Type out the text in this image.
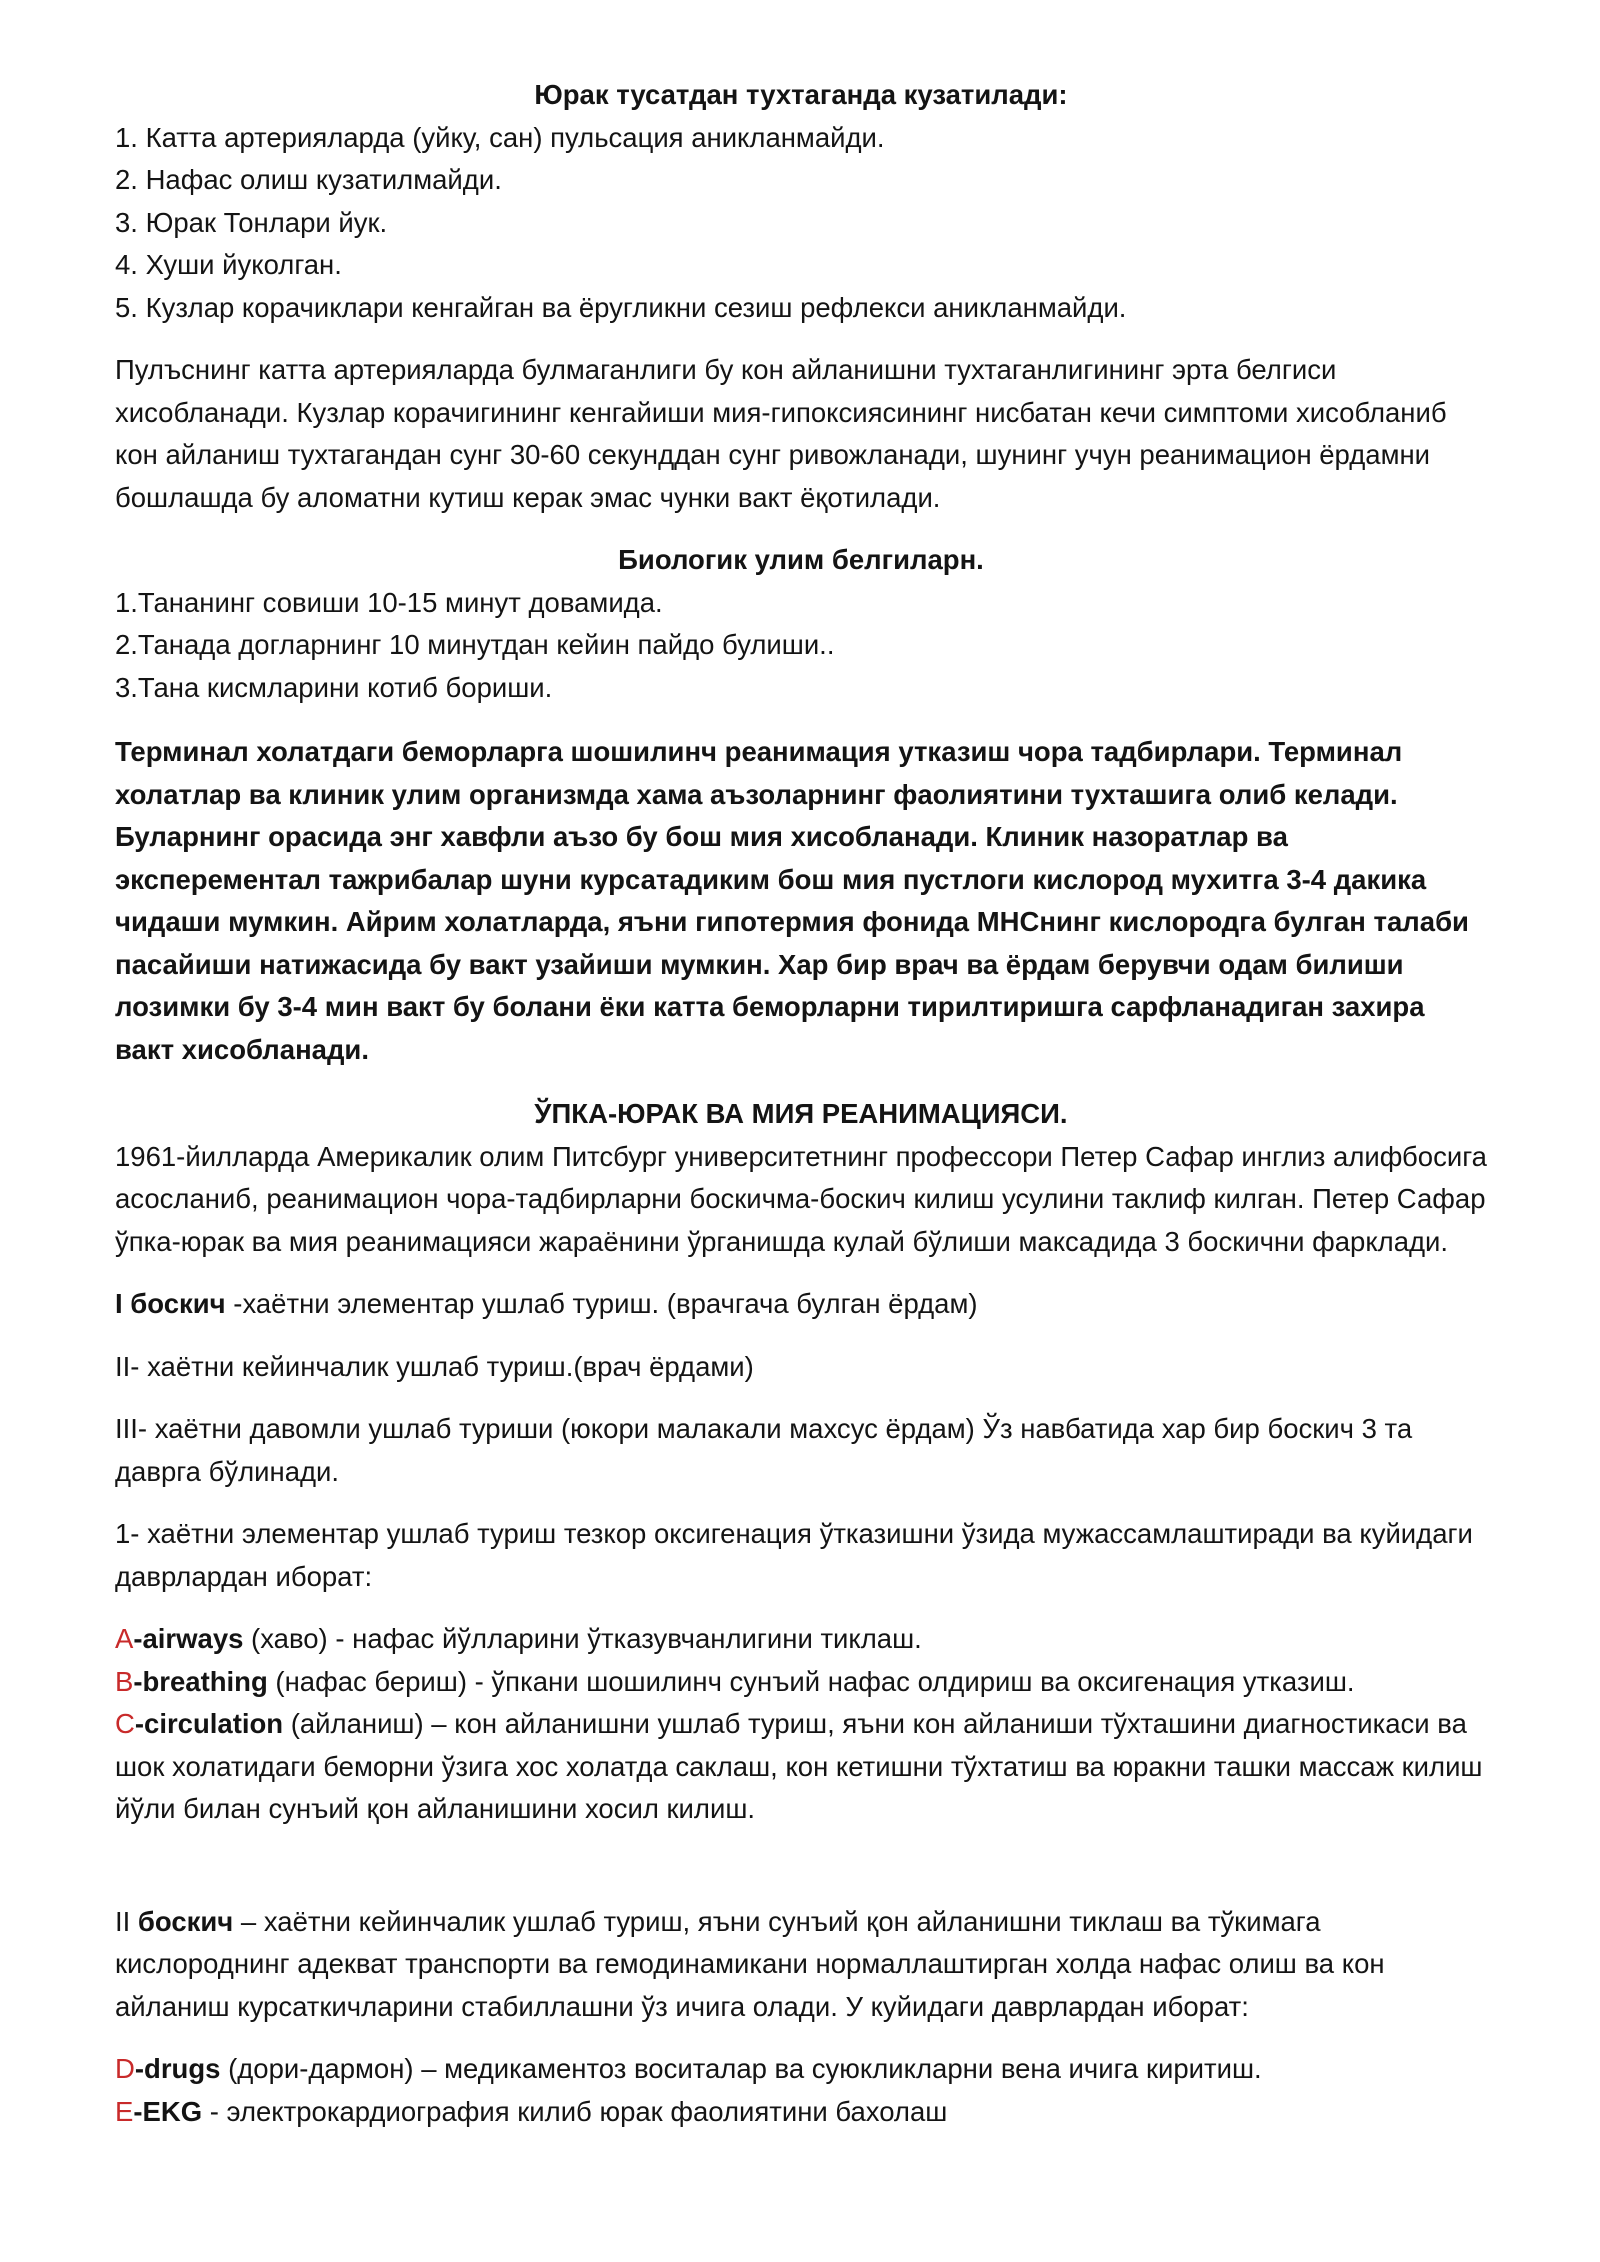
Юрак тусатдан тухтаганда кузатилади:

1. Катта артерияларда (уйку, сан) пульсация аникланмайди.

2. Нафас олиш кузатилмайди.

3. Юрак Тонлари йук.

4. Хуши йуколган.

5. Кузлар корачиклари кенгайган ва ёругликни сезиш рефлекси аникланмайди.

Пулъснинг катта артерияларда булмаганлиги бу кон айланишни тухтаганлигининг эрта белгиси хисобланади. Кузлар корачигининг кенгайиши мия-гипоксиясининг нисбатан кечи симптоми хисобланиб кон айланиш тухтагандан сунг 30-60 секунддан сунг ривожланади, шунинг учун реанимацион ёрдамни бошлашда бу аломатни кутиш керак эмас чунки вакт ёқотилади.

Биологик улим белгиларн.

1.Тананинг совиши 10-15 минут довамида.

2.Танада догларнинг 10 минутдан кейин пайдо булиши..

3.Тана кисмларини котиб бориши.

Терминал холатдаги беморларга шошилинч реанимация утказиш чора тадбирлари. Терминал холатлар ва клиник улим организмда хама аъзоларнинг фаолиятини тухташига олиб келади. Буларнинг орасида энг хавфли аъзо бу бош мия хисобланади. Клиник назоратлар ва эксперементал тажрибалар шуни курсатадиким бош мия пустлоги кислород мухитга 3-4 дакика чидаши мумкин. Айрим холатларда, яъни гипотермия фонида МНСнинг кислородга булган талаби пасайиши натижасида бу вакт узайиши мумкин. Хар бир врач ва ёрдам берувчи одам билиши лозимки бу 3-4 мин вакт бу болани ёки катта беморларни тирилтиришга сарфланадиган захира вакт хисобланади.

ЎПКА-ЮРАК ВА МИЯ РЕАНИМАЦИЯСИ.

1961-йилларда Америкалик олим Питсбург университетнинг профессори Петер Сафар инглиз алифбосига асосланиб, реанимацион чора-тадбирларни боскичма-боскич килиш усулини таклиф килган. Петер Сафар ўпка-юрак ва мия реанимацияси жараёнини ўрганишда кулай бўлиши максадида 3 боскични фарклади.

I боскич -хаётни элементар ушлаб туриш. (врачгача булган ёрдам)

II- хаётни кейинчалик ушлаб туриш.(врач ёрдами)

III- хаётни давомли ушлаб туриши (юкори малакали махсус ёрдам) Ўз навбатида хар бир боскич 3 та даврга бўлинади.

1- хаётни элементар ушлаб туриш тезкор оксигенация ўтказишни ўзида мужассамлаштиради ва куйидаги даврлардан иборат:

A-airways (хаво) - нафас йўлларини ўтказувчанлигини тиклаш.

B-breathing (нафас бериш) - ўпкани шошилинч сунъий нафас олдириш ва оксигенация утказиш.

C-circulation (айланиш) – кон айланишни ушлаб туриш, яъни кон айланиши тўхташини диагностикаси ва шок холатидаги беморни ўзига хос холатда саклаш, кон кетишни тўхтатиш ва юракни ташки массаж килиш йўли билан сунъий қон айланишини хосил килиш.

II боскич – хаётни кейинчалик ушлаб туриш, яъни сунъий қон айланишни тиклаш ва тўкимага кислороднинг адекват транспорти ва гемодинамикани нормаллаштирган холда нафас олиш ва кон айланиш курсаткичларини стабиллашни ўз ичига олади. У куйидаги даврлардан иборат:

D-drugs (дори-дармон) – медикаментоз воситалар ва суюкликларни вена ичига киритиш.

E-EKG - электрокардиография килиб юрак фаолиятини бахолаш
